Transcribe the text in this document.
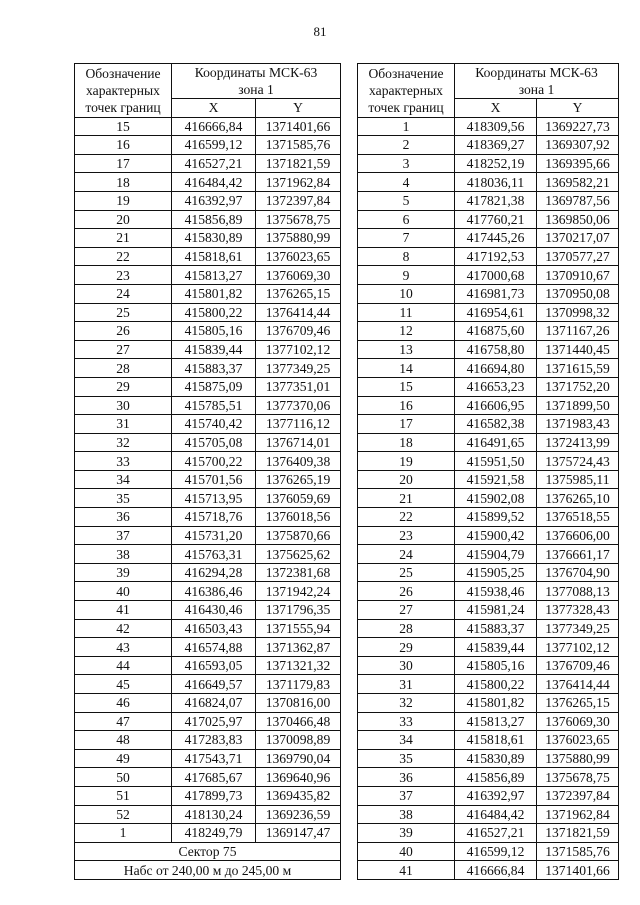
81
Обозначение характерных точек границ	Координаты МСК-63 зона 1	

	X	Y
15	416666,84	1371401,66
16	416599,12	1371585,76
17	416527,21	1371821,59
18	416484,42	1371962,84
19	416392,97	1372397,84
20	415856,89	1375678,75
21	415830,89	1375880,99
22	415818,61	1376023,65
23	415813,27	1376069,30
24	415801,82	1376265,15
25	415800,22	1376414,44
26	415805,16	1376709,46
27	415839,44	1377102,12
28	415883,37	1377349,25
29	415875,09	1377351,01
30	415785,51	1377370,06
31	415740,42	1377116,12
32	415705,08	1376714,01
33	415700,22	1376409,38
34	415701,56	1376265,19
35	415713,95	1376059,69
36	415718,76	1376018,56
37	415731,20	1375870,66
38	415763,31	1375625,62
39	416294,28	1372381,68
40	416386,46	1371942,24
41	416430,46	1371796,35
42	416503,43	1371555,94
43	416574,88	1371362,87
44	416593,05	1371321,32
45	416649,57	1371179,83
46	416824,07	1370816,00
47	417025,97	1370466,48
48	417283,83	1370098,89
49	417543,71	1369790,04
50	417685,67	1369640,96
51	417899,73	1369435,82
52	418130,24	1369236,59
1	418249,79	1369147,47
Сектор 75		
Набс от 240,00 м до 245,00 м		
Обозначение характерных точек границ	Координаты МСК-63 зона 1	

	X	Y
1	418309,56	1369227,73
2	418369,27	1369307,92
3	418252,19	1369395,66
4	418036,11	1369582,21
5	417821,38	1369787,56
6	417760,21	1369850,06
7	417445,26	1370217,07
8	417192,53	1370577,27
9	417000,68	1370910,67
10	416981,73	1370950,08
11	416954,61	1370998,32
12	416875,60	1371167,26
13	416758,80	1371440,45
14	416694,80	1371615,59
15	416653,23	1371752,20
16	416606,95	1371899,50
17	416582,38	1371983,43
18	416491,65	1372413,99
19	415951,50	1375724,43
20	415921,58	1375985,11
21	415902,08	1376265,10
22	415899,52	1376518,55
23	415900,42	1376606,00
24	415904,79	1376661,17
25	415905,25	1376704,90
26	415938,46	1377088,13
27	415981,24	1377328,43
28	415883,37	1377349,25
29	415839,44	1377102,12
30	415805,16	1376709,46
31	415800,22	1376414,44
32	415801,82	1376265,15
33	415813,27	1376069,30
34	415818,61	1376023,65
35	415830,89	1375880,99
36	415856,89	1375678,75
37	416392,97	1372397,84
38	416484,42	1371962,84
39	416527,21	1371821,59
40	416599,12	1371585,76
41	416666,84	1371401,66
